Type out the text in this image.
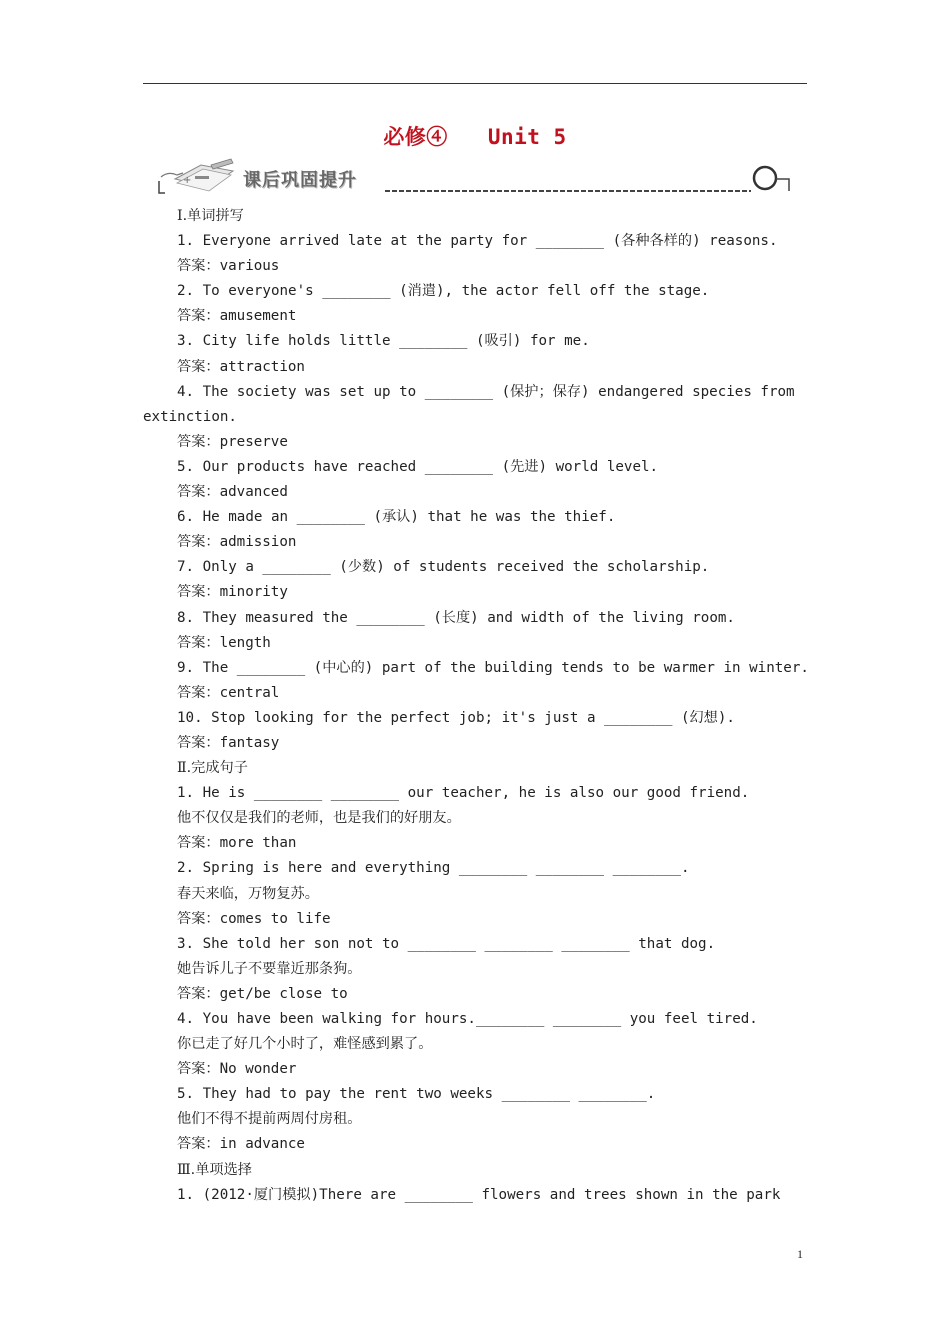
必修④ Unit 5
+	课后巩固提升
Ⅰ.单词拼写
1. Everyone arrived late at the party for ________ (各种各样的) reasons.
答案：various
2. To everyone's ________ (消遣), the actor fell off the stage.
答案：amusement
3. City life holds little ________ (吸引) for me.
答案：attraction
4. The society was set up to ________ (保护；保存) endangered species from
extinction.
答案：preserve
5. Our products have reached ________ (先进) world level.
答案：advanced
6. He made an ________ (承认) that he was the thief.
答案：admission
7. Only a ________ (少数) of students received the scholarship.
答案：minority
8. They measured the ________ (长度) and width of the living room.
答案：length
9. The ________ (中心的) part of the building tends to be warmer in winter.
答案：central
10. Stop looking for the perfect job; it's just a ________ (幻想).
答案：fantasy
Ⅱ.完成句子
1. He is ________ ________ our teacher, he is also our good friend.
他不仅仅是我们的老师，也是我们的好朋友。
答案：more than
2. Spring is here and everything ________ ________ ________.
春天来临，万物复苏。
答案：comes to life
3. She told her son not to ________ ________ ________ that dog.
她告诉儿子不要靠近那条狗。
答案：get/be close to
4. You have been walking for hours.________ ________ you feel tired.
你已走了好几个小时了，难怪感到累了。
答案：No wonder
5. They had to pay the rent two weeks ________ ________.
他们不得不提前两周付房租。
答案：in advance
Ⅲ.单项选择
1. (2012·厦门模拟)There are ________ flowers and trees shown in the park
1
